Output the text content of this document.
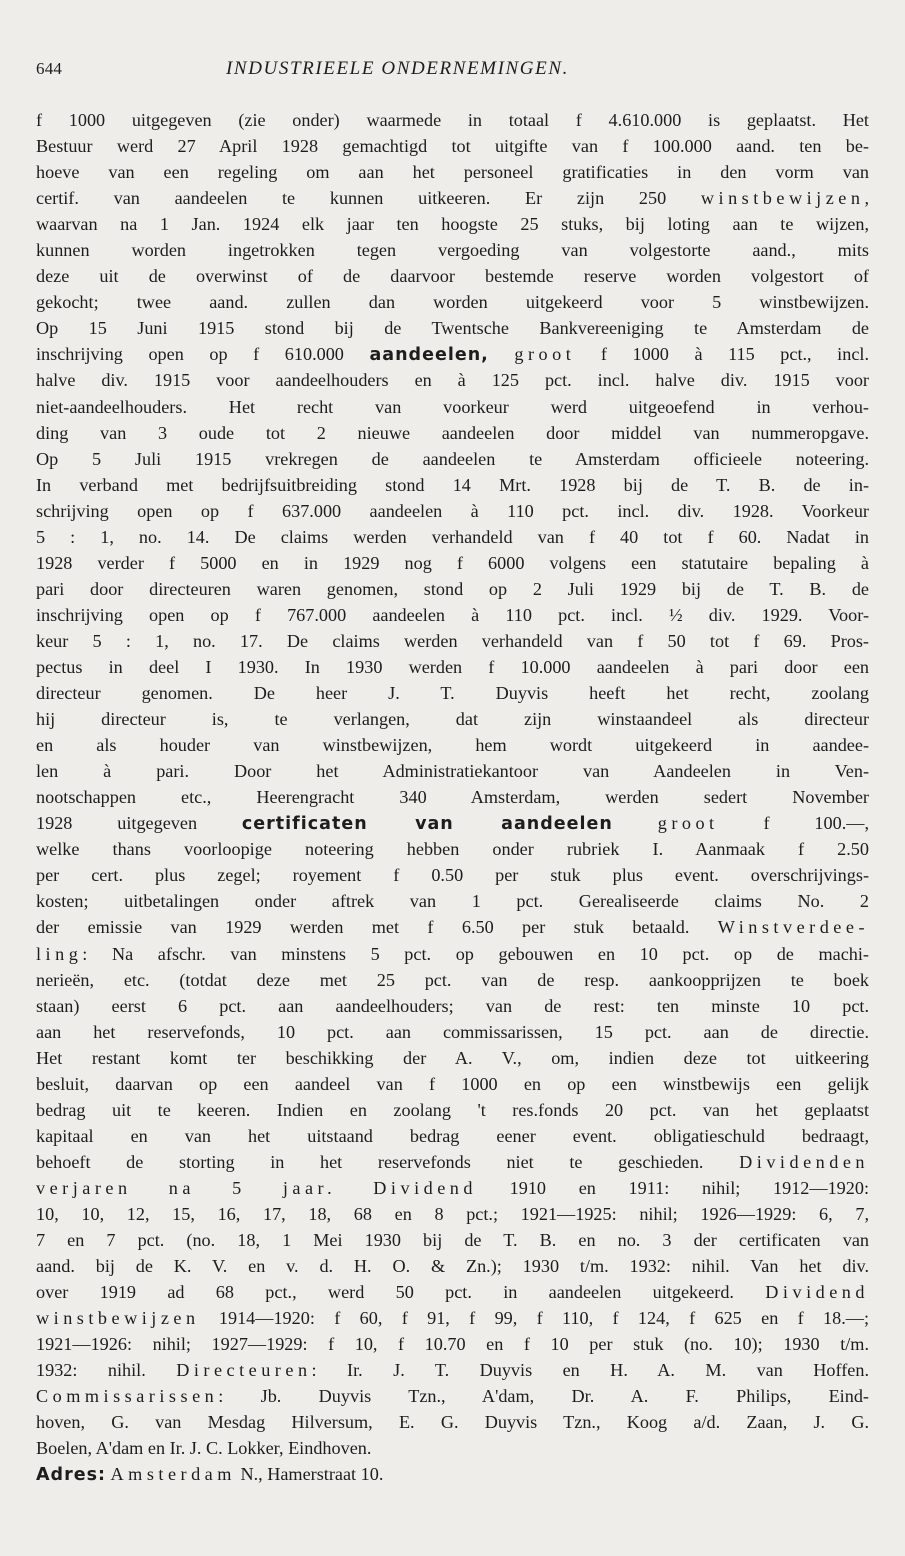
644	INDUSTRIEELE ONDERNEMINGEN.
f 1000 uitgegeven (zie onder) waarmede in totaal f 4.610.000 is geplaatst. Het
Bestuur werd 27 April 1928 gemachtigd tot uitgifte van f 100.000 aand. ten be-
hoeve van een regeling om aan het personeel gratificaties in den vorm van
certif. van aandeelen te kunnen uitkeeren. Er zijn 250 winstbewijzen,
waarvan na 1 Jan. 1924 elk jaar ten hoogste 25 stuks, bij loting aan te wijzen,
kunnen worden ingetrokken tegen vergoeding van volgestorte aand., mits
deze uit de overwinst of de daarvoor bestemde reserve worden volgestort of
gekocht; twee aand. zullen dan worden uitgekeerd voor 5 winstbewijzen.
Op 15 Juni 1915 stond bij de Twentsche Bankvereeniging te Amsterdam de
inschrijving open op f 610.000 aandeelen, groot f 1000 à 115 pct., incl.
halve div. 1915 voor aandeelhouders en à 125 pct. incl. halve div. 1915 voor
niet-aandeelhouders. Het recht van voorkeur werd uitgeoefend in verhou-
ding van 3 oude tot 2 nieuwe aandeelen door middel van nummeropgave.
Op 5 Juli 1915 vrekregen de aandeelen te Amsterdam officieele noteering.
In verband met bedrijfsuitbreiding stond 14 Mrt. 1928 bij de T. B. de in-
schrijving open op f 637.000 aandeelen à 110 pct. incl. div. 1928. Voorkeur
5 : 1, no. 14. De claims werden verhandeld van f 40 tot f 60. Nadat in
1928 verder f 5000 en in 1929 nog f 6000 volgens een statutaire bepaling à
pari door directeuren waren genomen, stond op 2 Juli 1929 bij de T. B. de
inschrijving open op f 767.000 aandeelen à 110 pct. incl. ½ div. 1929. Voor-
keur 5 : 1, no. 17. De claims werden verhandeld van f 50 tot f 69. Pros-
pectus in deel I 1930. In 1930 werden f 10.000 aandeelen à pari door een
directeur genomen. De heer J. T. Duyvis heeft het recht, zoolang
hij directeur is, te verlangen, dat zijn winstaandeel als directeur
en als houder van winstbewijzen, hem wordt uitgekeerd in aandee-
len à pari. Door het Administratiekantoor van Aandeelen in Ven-
nootschappen etc., Heerengracht 340 Amsterdam, werden sedert November
1928 uitgegeven certificaten van aandeelen groot f 100.—,
welke thans voorloopige noteering hebben onder rubriek I. Aanmaak f 2.50
per cert. plus zegel; royement f 0.50 per stuk plus event. overschrijvings-
kosten; uitbetalingen onder aftrek van 1 pct. Gerealiseerde claims No. 2
der emissie van 1929 werden met f 6.50 per stuk betaald. Winstverdee-
ling: Na afschr. van minstens 5 pct. op gebouwen en 10 pct. op de machi-
nerieën, etc. (totdat deze met 25 pct. van de resp. aankoopprijzen te boek
staan) eerst 6 pct. aan aandeelhouders; van de rest: ten minste 10 pct.
aan het reservefonds, 10 pct. aan commissarissen, 15 pct. aan de directie.
Het restant komt ter beschikking der A. V., om, indien deze tot uitkeering
besluit, daarvan op een aandeel van f 1000 en op een winstbewijs een gelijk
bedrag uit te keeren. Indien en zoolang 't res.fonds 20 pct. van het geplaatst
kapitaal en van het uitstaand bedrag eener event. obligatieschuld bedraagt,
behoeft de storting in het reservefonds niet te geschieden. Dividenden
verjaren na 5 jaar. Dividend 1910 en 1911: nihil; 1912—1920:
10, 10, 12, 15, 16, 17, 18, 68 en 8 pct.; 1921—1925: nihil; 1926—1929: 6, 7,
7 en 7 pct. (no. 18, 1 Mei 1930 bij de T. B. en no. 3 der certificaten van
aand. bij de K. V. en v. d. H. O. & Zn.); 1930 t/m. 1932: nihil. Van het div.
over 1919 ad 68 pct., werd 50 pct. in aandeelen uitgekeerd. Dividend
winstbewijzen 1914—1920: f 60, f 91, f 99, f 110, f 124, f 625 en f 18.—;
1921—1926: nihil; 1927—1929: f 10, f 10.70 en f 10 per stuk (no. 10); 1930 t/m.
1932: nihil. Directeuren: Ir. J. T. Duyvis en H. A. M. van Hoffen.
Commissarissen: Jb. Duyvis Tzn., A'dam, Dr. A. F. Philips, Eind-
hoven, G. van Mesdag Hilversum, E. G. Duyvis Tzn., Koog a/d. Zaan, J. G.
Boelen, A'dam en Ir. J. C. Lokker, Eindhoven.
Adres: Amsterdam N., Hamerstraat 10.
